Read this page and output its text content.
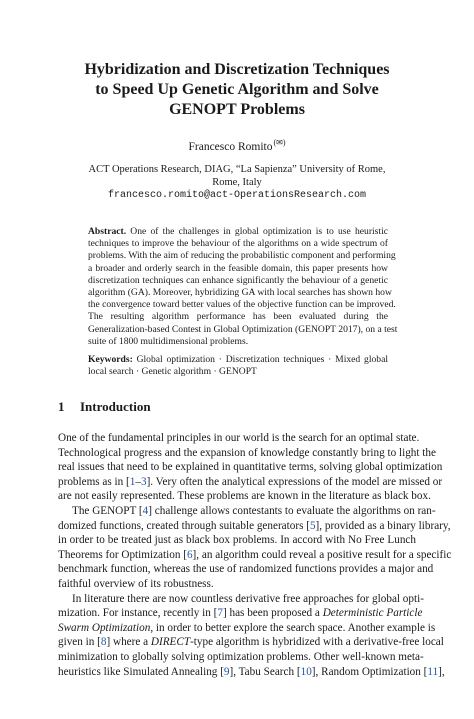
Hybridization and Discretization Techniques
to Speed Up Genetic Algorithm and Solve
GENOPT Problems
Francesco Romito(✉)
ACT Operations Research, DIAG, “La Sapienza” University of Rome,
Rome, Italy
francesco.romito@act-OperationsResearch.com
Abstract. One of the challenges in global optimization is to use heuristic
techniques to improve the behaviour of the algorithms on a wide spectrum of
problems. With the aim of reducing the probabilistic component and performing
a broader and orderly search in the feasible domain, this paper presents how
discretization techniques can enhance significantly the behaviour of a genetic
algorithm (GA). Moreover, hybridizing GA with local searches has shown how
the convergence toward better values of the objective function can be improved.
The resulting algorithm performance has been evaluated during the
Generalization-based Contest in Global Optimization (GENOPT 2017), on a test
suite of 1800 multidimensional problems.
Keywords: Global optimization · Discretization techniques · Mixed global
local search · Genetic algorithm · GENOPT
1 Introduction
One of the fundamental principles in our world is the search for an optimal state.
Technological progress and the expansion of knowledge constantly bring to light the
real issues that need to be explained in quantitative terms, solving global optimization
problems as in [1–3]. Very often the analytical expressions of the model are missed or
are not easily represented. These problems are known in the literature as black box.
The GENOPT [4] challenge allows contestants to evaluate the algorithms on ran-
domized functions, created through suitable generators [5], provided as a binary library,
in order to be treated just as black box problems. In accord with No Free Lunch
Theorems for Optimization [6], an algorithm could reveal a positive result for a specific
benchmark function, whereas the use of randomized functions provides a major and
faithful overview of its robustness.
In literature there are now countless derivative free approaches for global opti-
mization. For instance, recently in [7] has been proposed a Deterministic Particle
Swarm Optimization, in order to better explore the search space. Another example is
given in [8] where a DIRECT-type algorithm is hybridized with a derivative-free local
minimization to globally solving optimization problems. Other well-known meta-
heuristics like Simulated Annealing [9], Tabu Search [10], Random Optimization [11],
